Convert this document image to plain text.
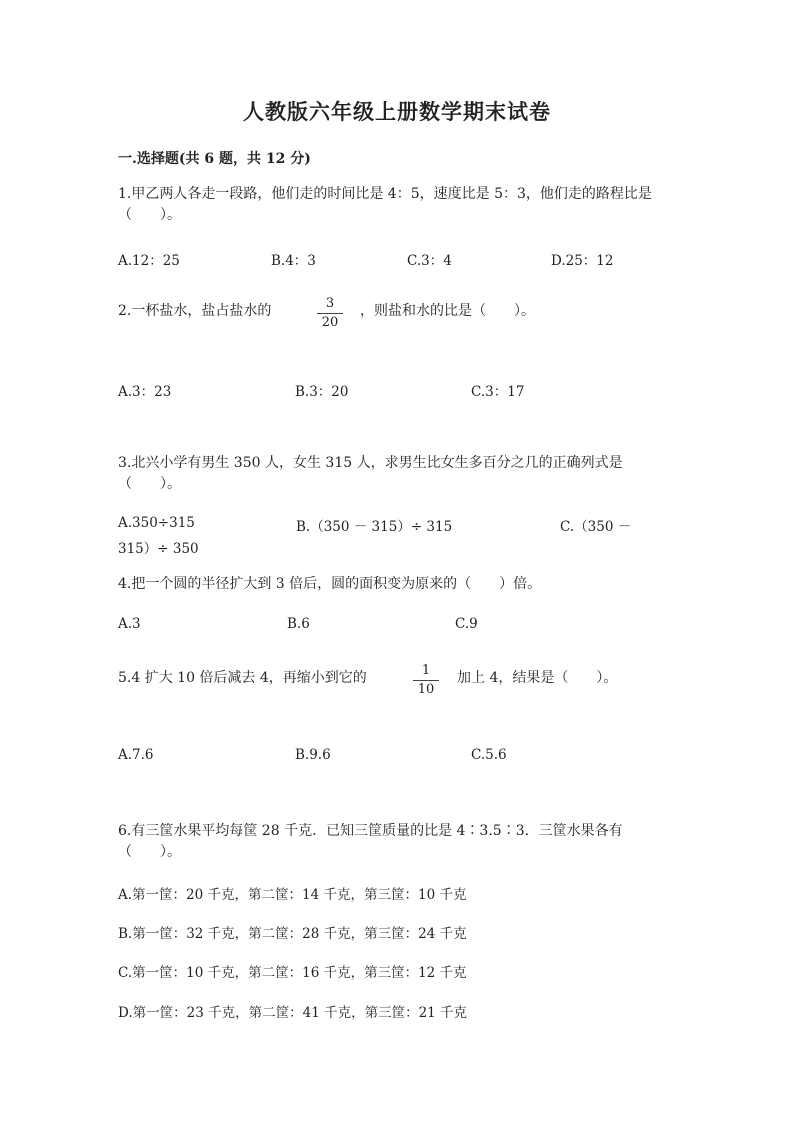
人教版六年级上册数学期末试卷
一.选择题(共 6 题，共 12 分)
1.甲乙两人各走一段路，他们走的时间比是 4：5，速度比是 5：3，他们走的路程比是（　　）。
A.12：25	B.4：3	C.3：4	D.25：12
2.一杯盐水，盐占盐水的	3
20
，则盐和水的比是（　　）。
A.3：23	B.3：20	C.3：17
3.北兴小学有男生 350 人，女生 315 人，求男生比女生多百分之几的正确列式是（　　）。
A.350÷315	B.（350 － 315）÷ 315	C.（350 －
315）÷ 350
4.把一个圆的半径扩大到 3 倍后，圆的面积变为原来的（　　）倍。
A.3	B.6	C.9
5.4 扩大 10 倍后减去 4，再缩小到它的	1
10
加上 4，结果是（　　）。
A.7.6	B.9.6	C.5.6
6.有三筐水果平均每筐 28 千克．已知三筐质量的比是 4∶3.5∶3．三筐水果各有（　　）。
A.第一筐：20 千克，第二筐：14 千克，第三筐：10 千克
B.第一筐：32 千克，第二筐：28 千克，第三筐：24 千克
C.第一筐：10 千克，第二筐：16 千克，第三筐：12 千克
D.第一筐：23 千克，第二筐：41 千克，第三筐：21 千克
